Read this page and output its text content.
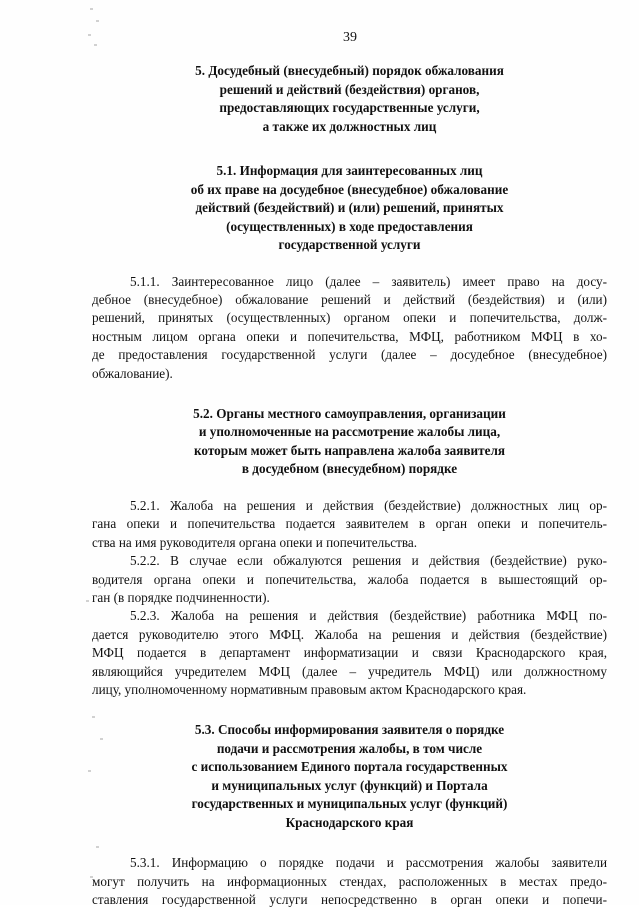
39
5. Досудебный (внесудебный) порядок обжалования
решений и действий (бездействия) органов,
предоставляющих государственные услуги,
а также их должностных лиц
5.1. Информация для заинтересованных лиц
об их праве на досудебное (внесудебное) обжалование
действий (бездействий) и (или) решений, принятых
(осуществленных) в ходе предоставления
государственной услуги
5.1.1. Заинтересованное лицо (далее – заявитель) имеет право на досу-
дебное (внесудебное) обжалование решений и действий (бездействия) и (или)
решений, принятых (осуществленных) органом опеки и попечительства, долж-
ностным лицом органа опеки и попечительства, МФЦ, работником МФЦ в хо-
де предоставления государственной услуги (далее – досудебное (внесудебное)
обжалование).
5.2. Органы местного самоуправления, организации
и уполномоченные на рассмотрение жалобы лица,
которым может быть направлена жалоба заявителя
в досудебном (внесудебном) порядке
5.2.1. Жалоба на решения и действия (бездействие) должностных лиц ор-
гана опеки и попечительства подается заявителем в орган опеки и попечитель-
ства на имя руководителя органа опеки и попечительства.
5.2.2. В случае если обжалуются решения и действия (бездействие) руко-
водителя органа опеки и попечительства, жалоба подается в вышестоящий ор-
ган (в порядке подчиненности).
5.2.3. Жалоба на решения и действия (бездействие) работника МФЦ по-
дается руководителю этого МФЦ. Жалоба на решения и действия (бездействие)
МФЦ подается в департамент информатизации и связи Краснодарского края,
являющийся учредителем МФЦ (далее – учредитель МФЦ) или должностному
лицу, уполномоченному нормативным правовым актом Краснодарского края.
5.3. Способы информирования заявителя о порядке
подачи и рассмотрения жалобы, в том числе
с использованием Единого портала государственных
и муниципальных услуг (функций) и Портала
государственных и муниципальных услуг (функций)
Краснодарского края
5.3.1. Информацию о порядке подачи и рассмотрения жалобы заявители
могут получить на информационных стендах, расположенных в местах предо-
ставления государственной услуги непосредственно в орган опеки и попечи-
